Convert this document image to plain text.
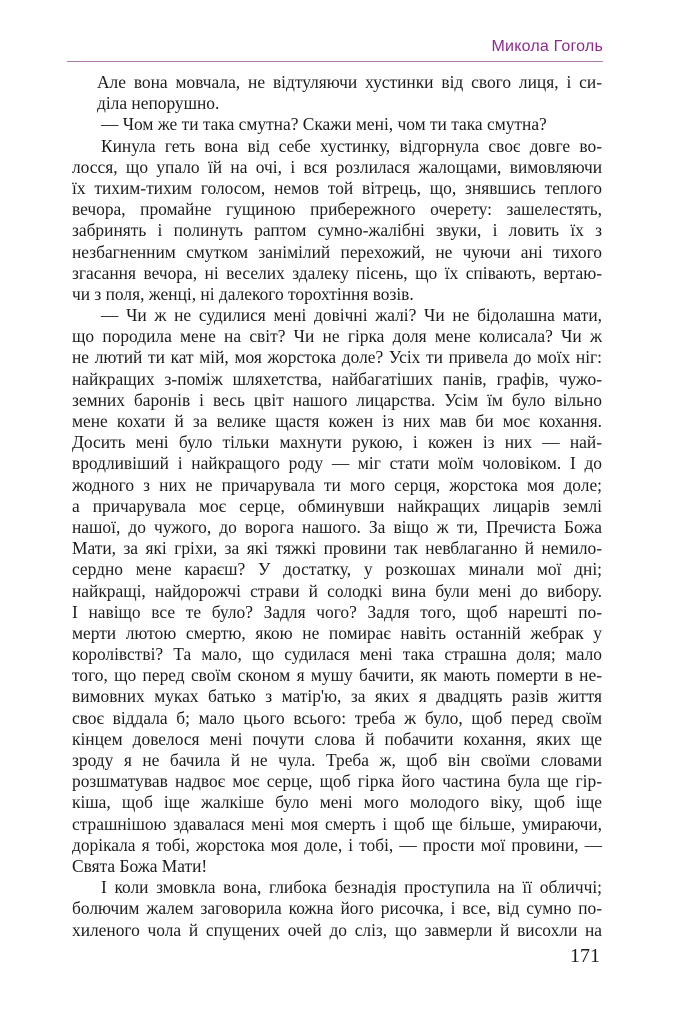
Микола Гоголь
Але вона мовчала, не відтуляючи хустинки від свого лиця, і си-
діла непорушно.
— Чом же ти така смутна? Скажи мені, чом ти така смутна?
Кинула геть вона від себе хустинку, відгорнула своє довге во-
лосся, що упало їй на очі, і вся розлилася жалощами, вимовляючи
їх тихим-тихим голосом, немов той вітрець, що, знявшись теплого
вечора, промайне гущиною прибережного очерету: зашелестять,
забринять і полинуть раптом сумно-жалібні звуки, і ловить їх з
незбагненним смутком занімілий перехожий, не чуючи ані тихого
згасання вечора, ні веселих здалеку пісень, що їх співають, вертаю-
чи з поля, женці, ні далекого торохтіння возів.
— Чи ж не судилися мені довічні жалі? Чи не бідолашна мати,
що породила мене на світ? Чи не гірка доля мене колисала? Чи ж
не лютий ти кат мій, моя жорстока доле? Усіх ти привела до моїх ніг:
найкращих з-поміж шляхетства, найбагатіших панів, графів, чужо-
земних баронів і весь цвіт нашого лицарства. Усім їм було вільно
мене кохати й за велике щастя кожен із них мав би моє кохання.
Досить мені було тільки махнути рукою, і кожен із них — най-
вродливіший і найкращого роду — міг стати моїм чоловіком. І до
жодного з них не причарувала ти мого серця, жорстока моя доле;
а причарувала моє серце, обминувши найкращих лицарів землі
нашої, до чужого, до ворога нашого. За віщо ж ти, Пречиста Божа
Мати, за які гріхи, за які тяжкі провини так невблаганно й немило-
сердно мене караєш? У достатку, у розкошах минали мої дні;
найкращі, найдорожчі страви й солодкі вина були мені до вибору.
І навіщо все те було? Задля чого? Задля того, щоб нарешті по-
мерти лютою смертю, якою не помирає навіть останній жебрак у
королівстві? Та мало, що судилася мені така страшна доля; мало
того, що перед своїм сконом я мушу бачити, як мають померти в не-
вимовних муках батько з матір'ю, за яких я двадцять разів життя
своє віддала б; мало цього всього: треба ж було, щоб перед своїм
кінцем довелося мені почути слова й побачити кохання, яких ще
зроду я не бачила й не чула. Треба ж, щоб він своїми словами
розшматував надвоє моє серце, щоб гірка його частина була ще гір-
кіша, щоб іще жалкіше було мені мого молодого віку, щоб іще
страшнішою здавалася мені моя смерть і щоб ще більше, умираючи,
дорікала я тобі, жорстока моя доле, і тобі, — прости мої провини, —
Свята Божа Мати!
І коли змовкла вона, глибока безнадія проступила на її обличчі;
болючим жалем заговорила кожна його рисочка, і все, від сумно по-
хиленого чола й спущених очей до сліз, що завмерли й висохли на
171
